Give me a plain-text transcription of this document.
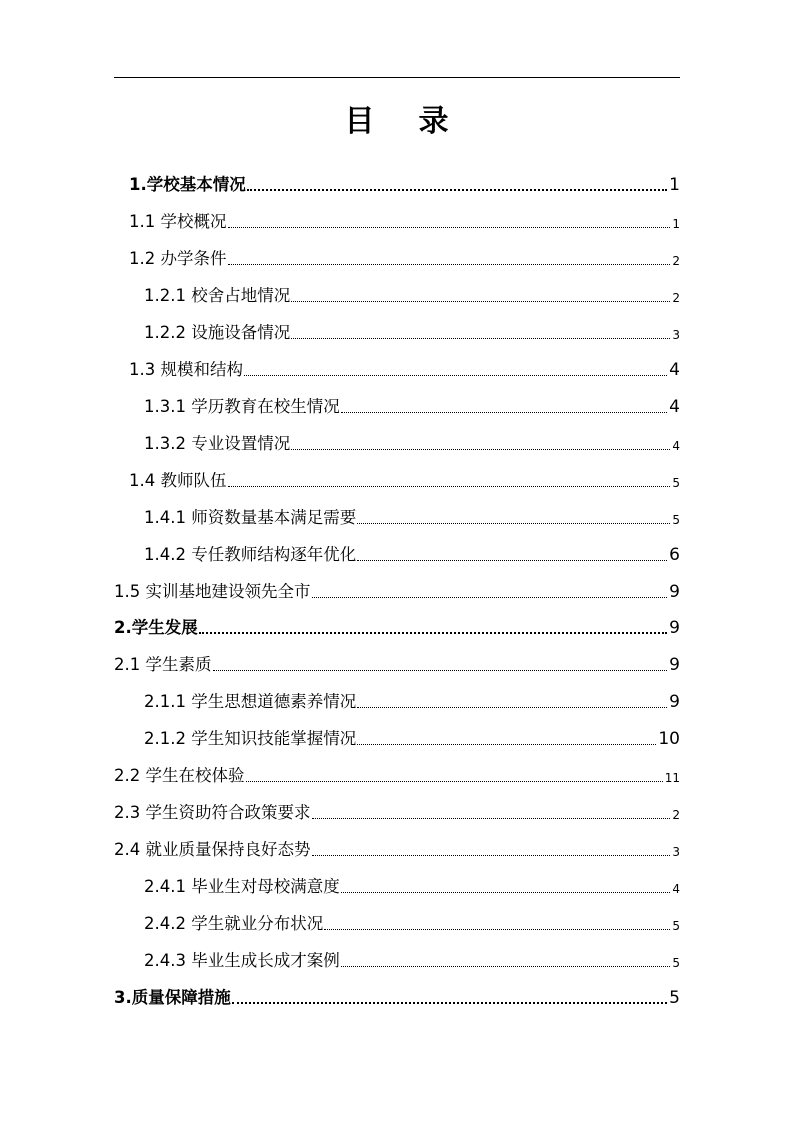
目 录
1.学校基本情况	1
1.1 学校概况	1
1.2 办学条件	2
1.2.1 校舍占地情况	2
1.2.2 设施设备情况	3
1.3 规模和结构	4
1.3.1 学历教育在校生情况	4
1.3.2 专业设置情况	4
1.4 教师队伍	5
1.4.1 师资数量基本满足需要	5
1.4.2 专任教师结构逐年优化	6
1.5 实训基地建设领先全市	9
2.学生发展	9
2.1 学生素质	9
2.1.1 学生思想道德素养情况	9
2.1.2 学生知识技能掌握情况	10
2.2 学生在校体验	11
2.3 学生资助符合政策要求	2
2.4 就业质量保持良好态势	3
2.4.1 毕业生对母校满意度	4
2.4.2 学生就业分布状况	5
2.4.3 毕业生成长成才案例	5
3.质量保障措施	5
